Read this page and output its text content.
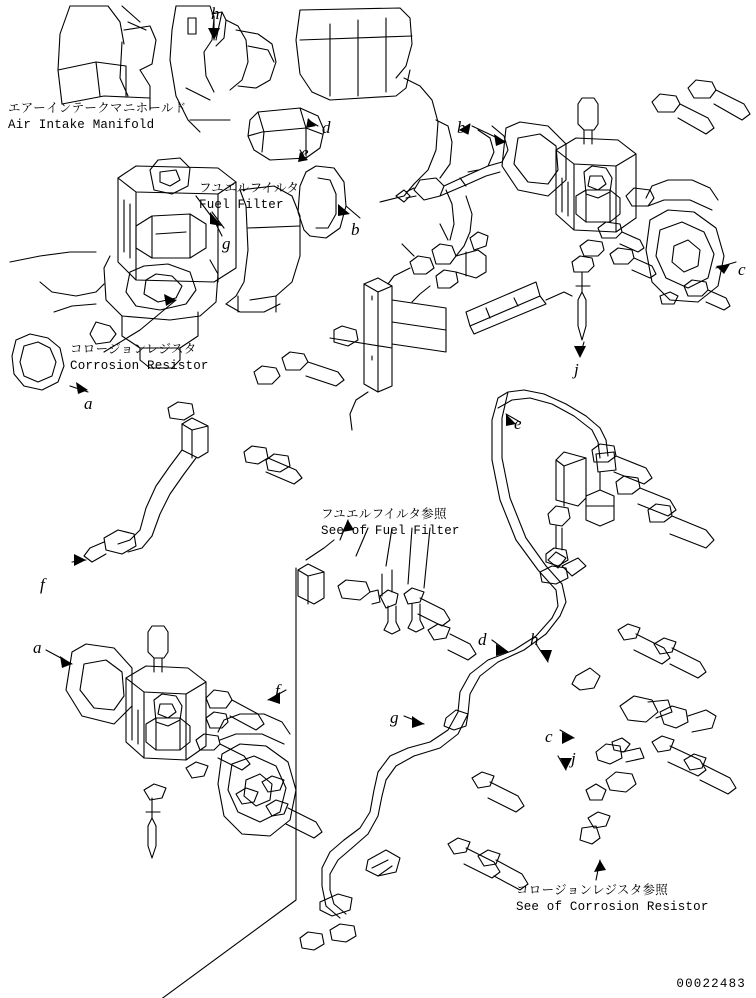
エアーインテークマニホールド
Air Intake Manifold
フユエルフイルタ
Fuel Filter
コロージョンレジスタ
Corrosion Resistor
フユエルフイルタ参照
See of Fuel Filter
コロージョンレジスタ参照
See of Corrosion Resistor
h
d
e
b
b
g
c
j
a
e
f
a	d	h
f
g
c
j
00022483
